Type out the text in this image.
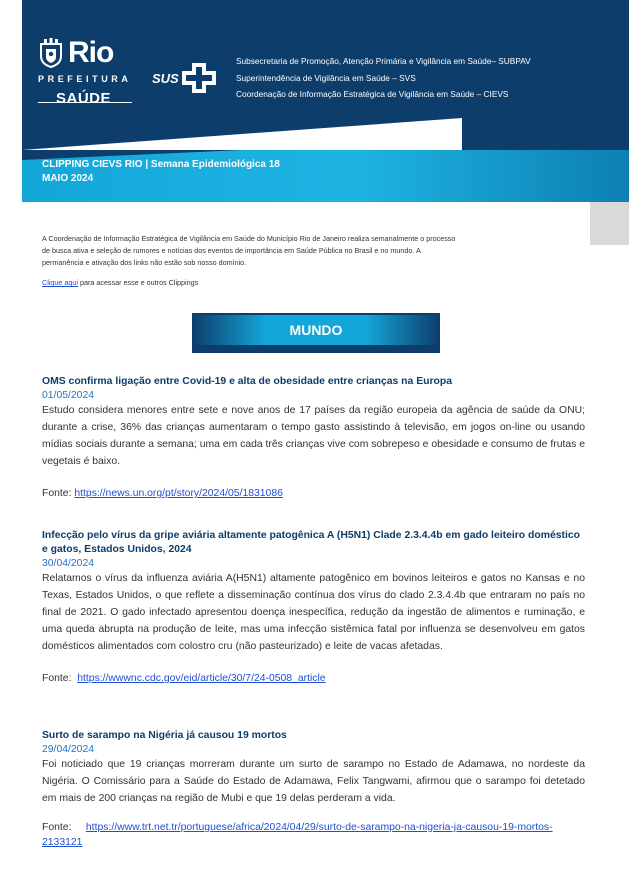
Rio
PREFEITURA
SAÚDE
SUS
Subsecretaria de Promoção, Atenção Primária e Vigilância em Saúde– SUBPAV
Superintendência de Vigilância em Saúde – SVS
Coordenação de Informação Estratégica de Vigilância em Saúde – CIEVS
CLIPPING CIEVS RIO | Semana Epidemiológica 18
MAIO 2024
A Coordenação de Informação Estratégica de Vigilância em Saúde do Município Rio de Janeiro realiza semanalmente o processo de busca ativa e seleção de rumores e notícias dos eventos de importância em Saúde Pública no Brasil e no mundo. A permanência e ativação dos links não estão sob nosso domínio.
Clique aqui para acessar esse e outros Clippings
MUNDO
OMS confirma ligação entre Covid-19 e alta de obesidade entre crianças na Europa
01/05/2024
Estudo considera menores entre sete e nove anos de 17 países da região europeia da agência de saúde da ONU; durante a crise, 36% das crianças aumentaram o tempo gasto assistindo à televisão, em jogos on-line ou usando mídias sociais durante a semana; uma em cada três crianças vive com sobrepeso e obesidade e consumo de frutas e vegetais é baixo.
Fonte: https://news.un.org/pt/story/2024/05/1831086
Infecção pelo vírus da gripe aviária altamente patogênica A (H5N1) Clade 2.3.4.4b em gado leiteiro doméstico e gatos, Estados Unidos, 2024
30/04/2024
Relatamos o vírus da influenza aviária A(H5N1) altamente patogênico em bovinos leiteiros e gatos no Kansas e no Texas, Estados Unidos, o que reflete a disseminação contínua dos vírus do clado 2.3.4.4b que entraram no país no final de 2021. O gado infectado apresentou doença inespecífica, redução da ingestão de alimentos e ruminação, e uma queda abrupta na produção de leite, mas uma infecção sistêmica fatal por influenza se desenvolveu em gatos domésticos alimentados com colostro cru (não pasteurizado) e leite de vacas afetadas.
Fonte:  https://wwwnc.cdc.gov/eid/article/30/7/24-0508_article
Surto de sarampo na Nigéria já causou 19 mortos
29/04/2024
Foi noticiado que 19 crianças morreram durante um surto de sarampo no Estado de Adamawa, no nordeste da Nigéria. O Comissário para a Saúde do Estado de Adamawa, Felix Tangwami, afirmou que o sarampo foi detetado em mais de 200 crianças na região de Mubi e que 19 delas perderam a vida.
Fonte:     https://www.trt.net.tr/portuguese/africa/2024/04/29/surto-de-sarampo-na-nigeria-ja-causou-19-mortos-2133121
